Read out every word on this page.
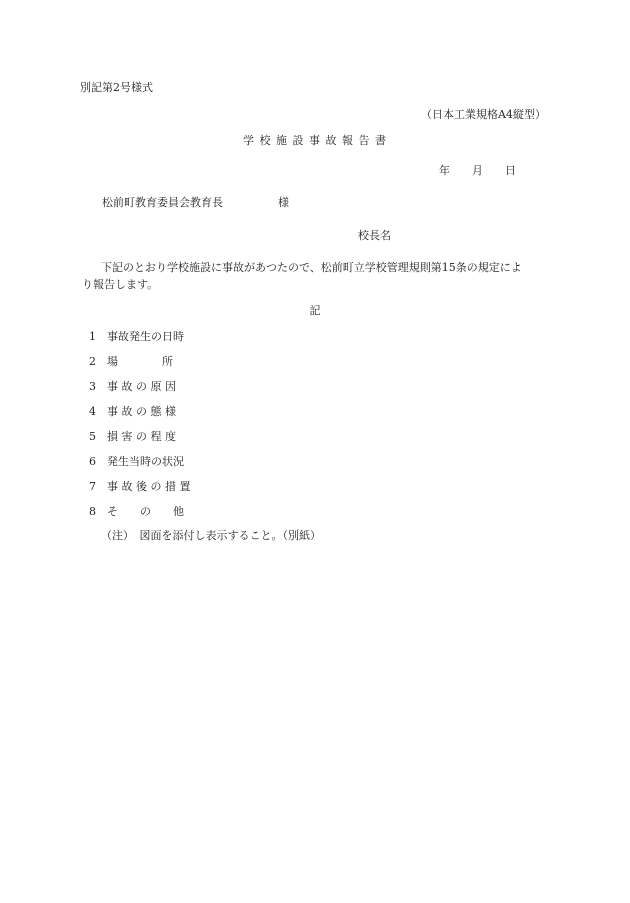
別記第2号様式

（日本工業規格A4縦型）

学 校 施 設 事 故 報 告 書

年　　月　　日

松前町教育委員会教育長　　　　　様

校長名

下記のとおり学校施設に事故があつたので、松前町立学校管理規則第15条の規定によ
り報告します。

記

1 事故発生の日時

2 場　　　　所

3 事 故 の 原 因

4 事 故 の 態 様

5 損 害 の 程 度

6 発生当時の状況

7 事 故 後 の 措 置

8 そ　　の　　他

（注）　図面を添付し表示すること。（別紙）
